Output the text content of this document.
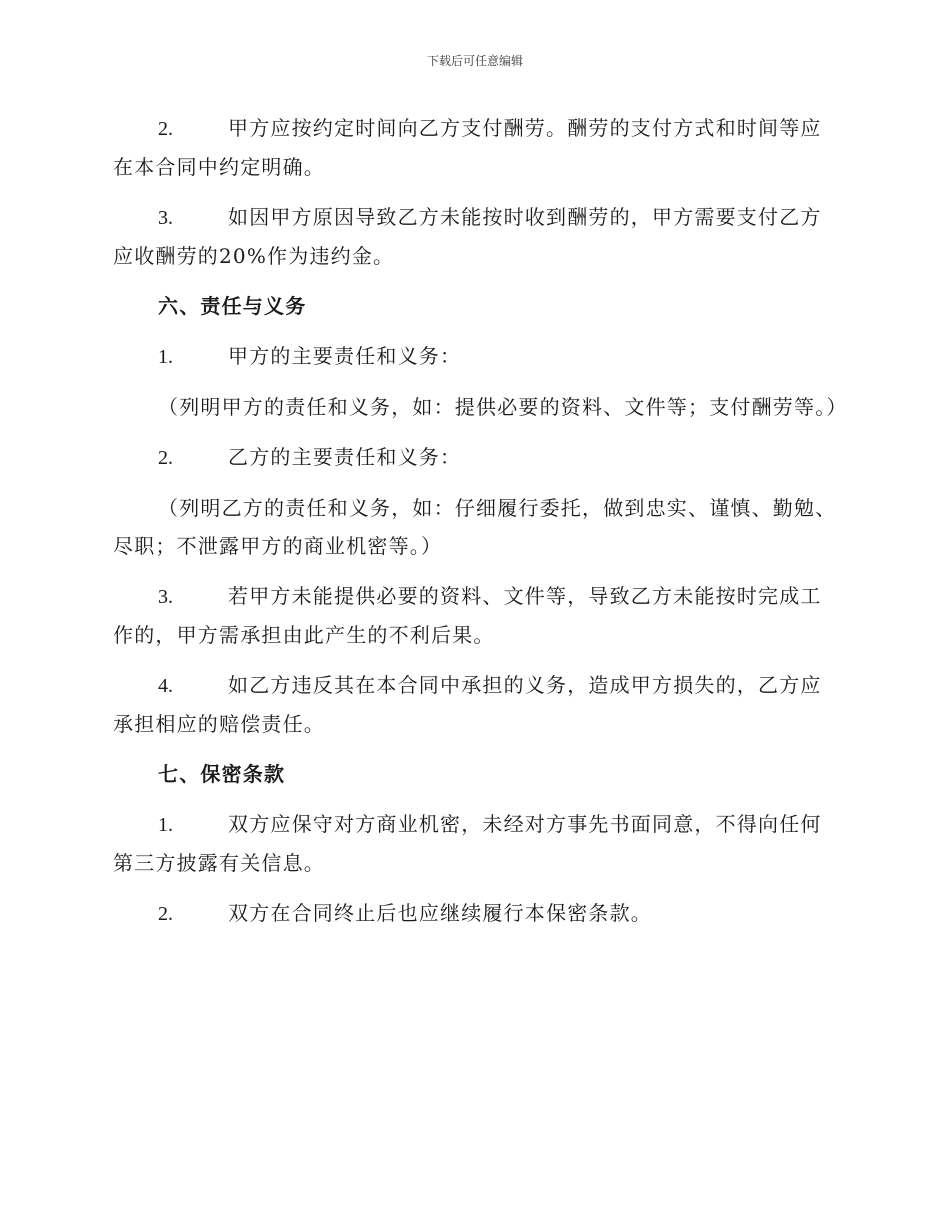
下载后可任意编辑
2.	甲方应按约定时间向乙方支付酬劳。酬劳的支付方式和时间等应在本合同中约定明确。
3.	如因甲方原因导致乙方未能按时收到酬劳的，甲方需要支付乙方应收酬劳的20%作为违约金。
六、责任与义务
1.	甲方的主要责任和义务：
（列明甲方的责任和义务，如：提供必要的资料、文件等；支付酬劳等。）
2.	乙方的主要责任和义务：
（列明乙方的责任和义务，如：仔细履行委托，做到忠实、谨慎、勤勉、尽职；不泄露甲方的商业机密等。）
3.	若甲方未能提供必要的资料、文件等，导致乙方未能按时完成工作的，甲方需承担由此产生的不利后果。
4.	如乙方违反其在本合同中承担的义务，造成甲方损失的，乙方应承担相应的赔偿责任。
七、保密条款
1.	双方应保守对方商业机密，未经对方事先书面同意，不得向任何第三方披露有关信息。
2.	双方在合同终止后也应继续履行本保密条款。
